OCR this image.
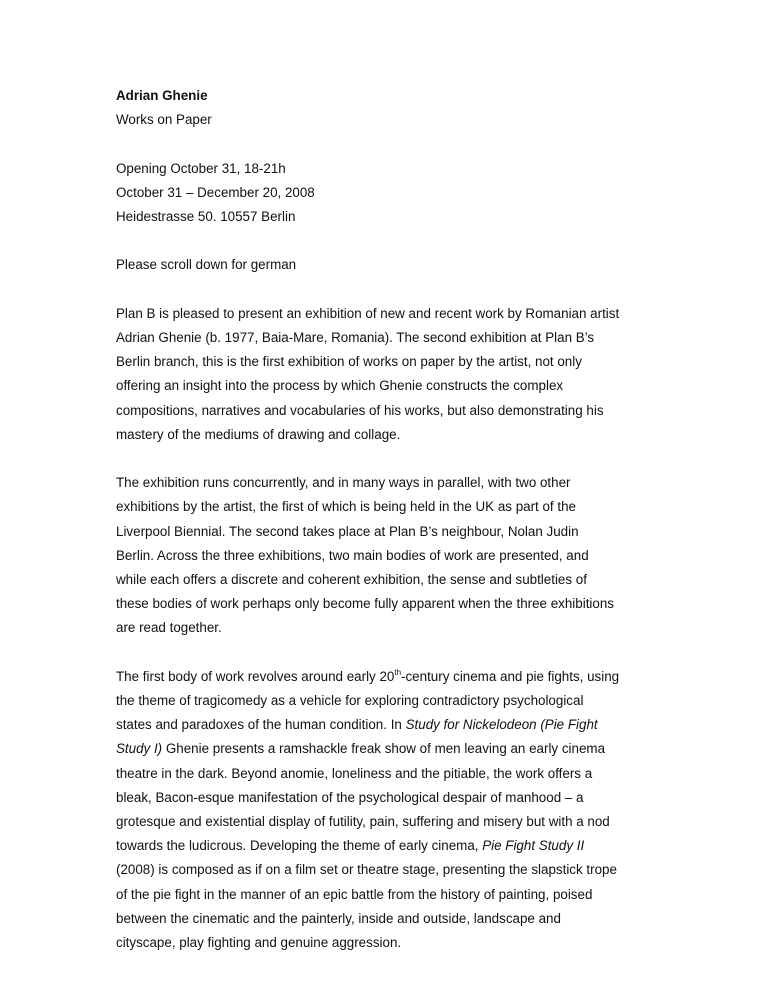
Adrian Ghenie

Works on Paper

Opening October 31, 18-21h

October 31 – December 20, 2008

Heidestrasse 50. 10557 Berlin

Please scroll down for german

Plan B is pleased to present an exhibition of new and recent work by Romanian artist
Adrian Ghenie (b. 1977, Baia-Mare, Romania). The second exhibition at Plan B’s
Berlin branch, this is the first exhibition of works on paper by the artist, not only
offering an insight into the process by which Ghenie constructs the complex
compositions, narratives and vocabularies of his works, but also demonstrating his
mastery of the mediums of drawing and collage.

The exhibition runs concurrently, and in many ways in parallel, with two other
exhibitions by the artist, the first of which is being held in the UK as part of the
Liverpool Biennial. The second takes place at Plan B’s neighbour, Nolan Judin
Berlin. Across the three exhibitions, two main bodies of work are presented, and
while each offers a discrete and coherent exhibition, the sense and subtleties of
these bodies of work perhaps only become fully apparent when the three exhibitions
are read together.

The first body of work revolves around early 20th-century cinema and pie fights, using
the theme of tragicomedy as a vehicle for exploring contradictory psychological
states and paradoxes of the human condition. In Study for Nickelodeon (Pie Fight
Study I) Ghenie presents a ramshackle freak show of men leaving an early cinema
theatre in the dark. Beyond anomie, loneliness and the pitiable, the work offers a
bleak, Bacon-esque manifestation of the psychological despair of manhood – a
grotesque and existential display of futility, pain, suffering and misery but with a nod
towards the ludicrous. Developing the theme of early cinema, Pie Fight Study II
(2008) is composed as if on a film set or theatre stage, presenting the slapstick trope
of the pie fight in the manner of an epic battle from the history of painting, poised
between the cinematic and the painterly, inside and outside, landscape and
cityscape, play fighting and genuine aggression.
